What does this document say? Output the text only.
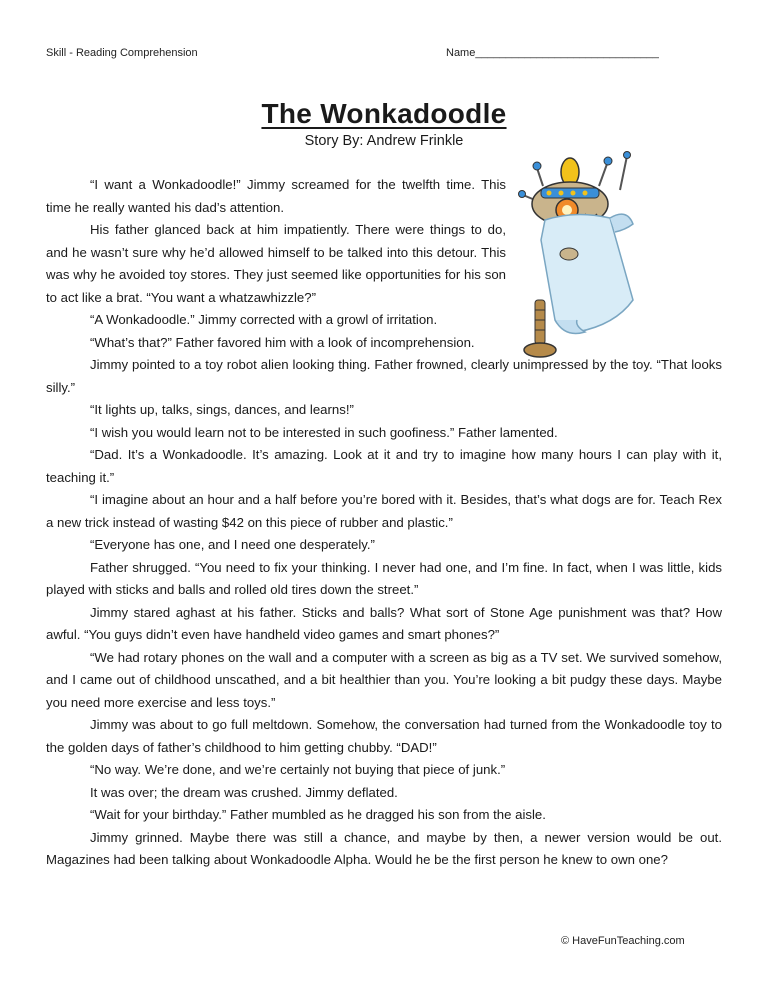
Skill - Reading Comprehension	Name______________________________
The Wonkadoodle
Story By: Andrew Frinkle

“I want a Wonkadoodle!” Jimmy screamed for the twelfth time. This time he really wanted his dad’s attention.

His father glanced back at him impatiently. There were things to do, and he wasn’t sure why he’d allowed himself to be talked into this detour. This was why he avoided toy stores. They just seemed like opportunities for his son to act like a brat. “You want a whatzawhizzle?”

“A Wonkadoodle.” Jimmy corrected with a growl of irritation.

“What’s that?” Father favored him with a look of incomprehension.

Jimmy pointed to a toy robot alien looking thing. Father frowned, clearly unimpressed by the toy. “That looks silly.”

“It lights up, talks, sings, dances, and learns!”

“I wish you would learn not to be interested in such goofiness.” Father lamented.

“Dad. It’s a Wonkadoodle. It’s amazing. Look at it and try to imagine how many hours I can play with it, teaching it.”

“I imagine about an hour and a half before you’re bored with it. Besides, that’s what dogs are for. Teach Rex a new trick instead of wasting $42 on this piece of rubber and plastic.”

“Everyone has one, and I need one desperately.”

Father shrugged. “You need to fix your thinking. I never had one, and I’m fine. In fact, when I was little, kids played with sticks and balls and rolled old tires down the street.”

Jimmy stared aghast at his father. Sticks and balls? What sort of Stone Age punishment was that? How awful. “You guys didn’t even have handheld video games and smart phones?”

“We had rotary phones on the wall and a computer with a screen as big as a TV set. We survived somehow, and I came out of childhood unscathed, and a bit healthier than you. You’re looking a bit pudgy these days. Maybe you need more exercise and less toys.”

Jimmy was about to go full meltdown. Somehow, the conversation had turned from the Wonkadoodle toy to the golden days of father’s childhood to him getting chubby. “DAD!”

“No way. We’re done, and we’re certainly not buying that piece of junk.”

It was over; the dream was crushed. Jimmy deflated.

“Wait for your birthday.” Father mumbled as he dragged his son from the aisle.

Jimmy grinned. Maybe there was still a chance, and maybe by then, a newer version would be out. Magazines had been talking about Wonkadoodle Alpha. Would he be the first person he knew to own one?

© HaveFunTeaching.com
